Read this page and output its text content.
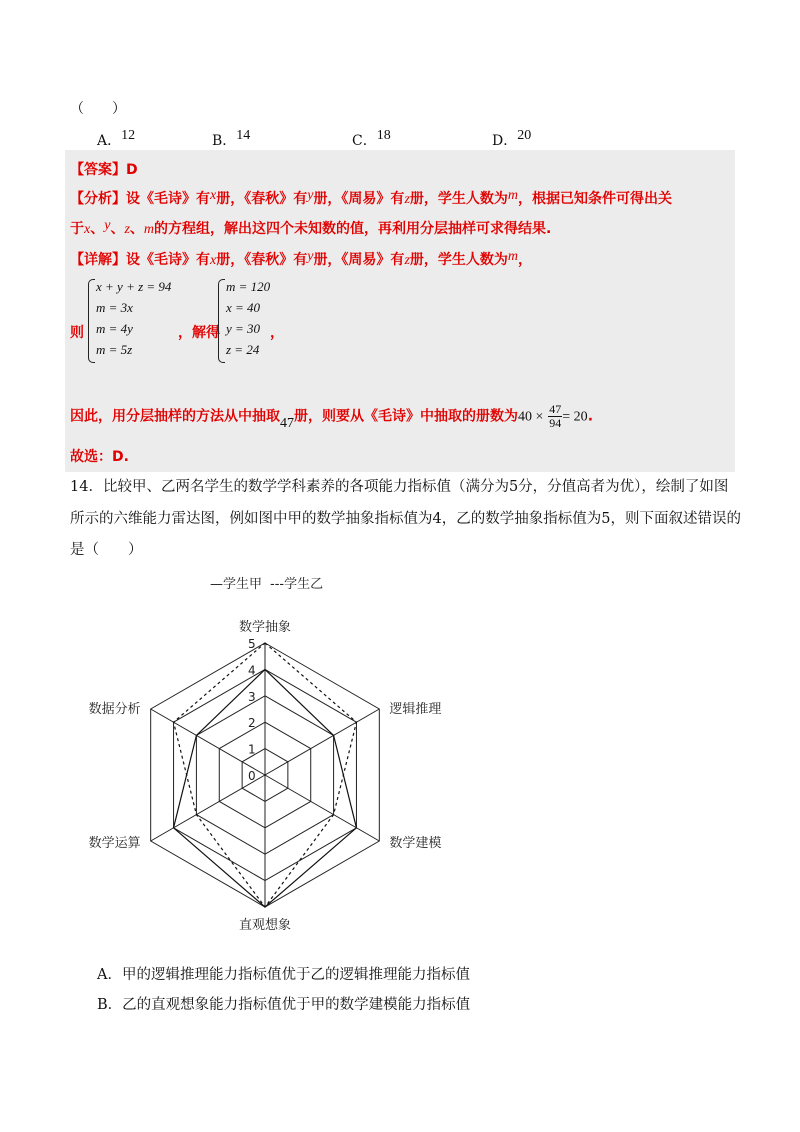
（　　）
A．12	B．14	C．18	D．20
【答案】D
【分析】设《毛诗》有x册，《春秋》有y册，《周易》有z册，学生人数为m，根据已知条件可得出关
于x、y、z、m的方程组，解出这四个未知数的值，再利用分层抽样可求得结果.
【详解】设《毛诗》有x册，《春秋》有y册，《周易》有z册，学生人数为m，
则
x + y + z = 94
m = 3x
m = 4y
m = 5z
，解得
m = 120
x = 40
y = 30
z = 24
，
因此，用分层抽样的方法从中抽取47册，则要从《毛诗》中抽取的册数为$40 \times \frac{47}{94} = 20$.
故选：D.
14．比较甲、乙两名学生的数学学科素养的各项能力指标值（满分为5分，分值高者为优），绘制了如图
所示的六维能力雷达图，例如图中甲的数学抽象指标值为4，乙的数学抽象指标值为5，则下面叙述错误的
是（　　）
—学生甲 ---学生乙
0
1
2
3
4
5
数学抽象
逻辑推理
数学建模
直观想象
数学运算
数据分析
A．甲的逻辑推理能力指标值优于乙的逻辑推理能力指标值
B．乙的直观想象能力指标值优于甲的数学建模能力指标值
